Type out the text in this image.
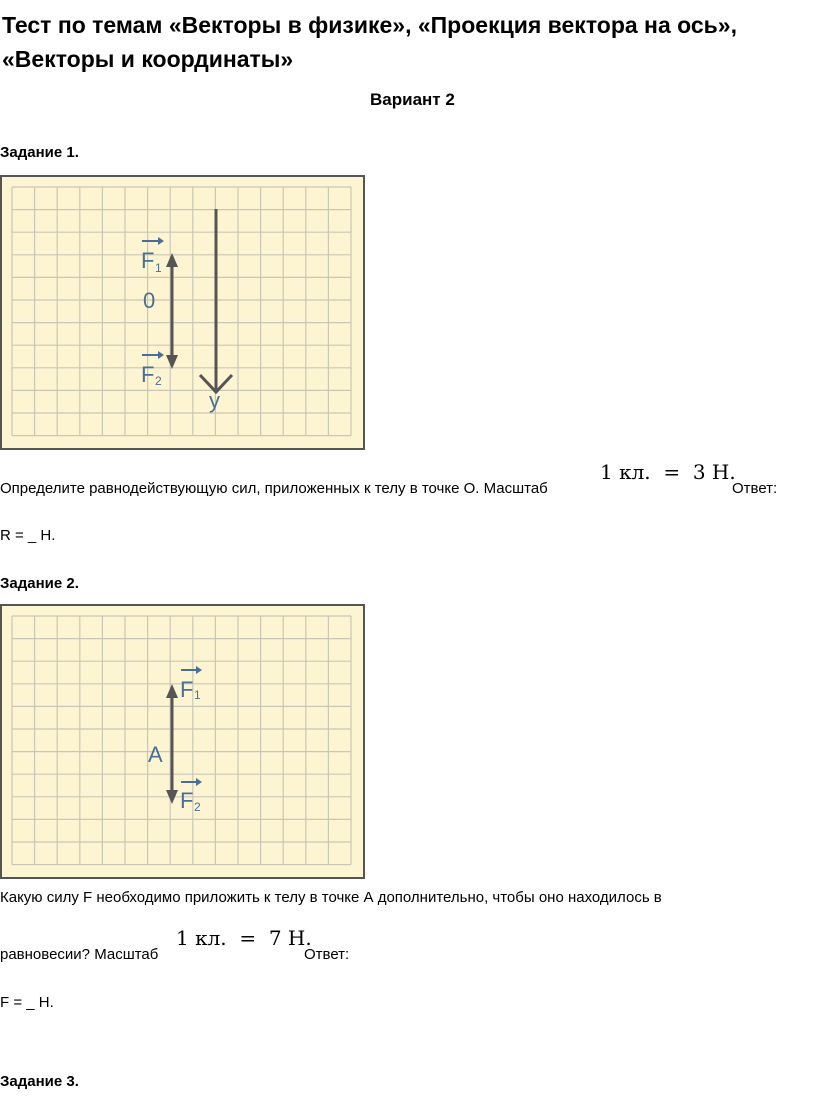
Тест по темам «Векторы в физике», «Проекция вектора на ось», «Векторы и координаты»
Вариант 2
Задание 1.
F 1
0
F 2
y
Определите равнодействующую сил, приложенных к телу в точке О. Масштаб
1 кл.  =  3 Н.
Ответ:
R = _ Н.
Задание 2.
F 1
A
F 2
Какую силу F необходимо приложить к телу в точке А дополнительно, чтобы оно находилось в
равновесии? Масштаб
1 кл.  =  7 Н.
Ответ:
F = _ Н.
Задание 3.
